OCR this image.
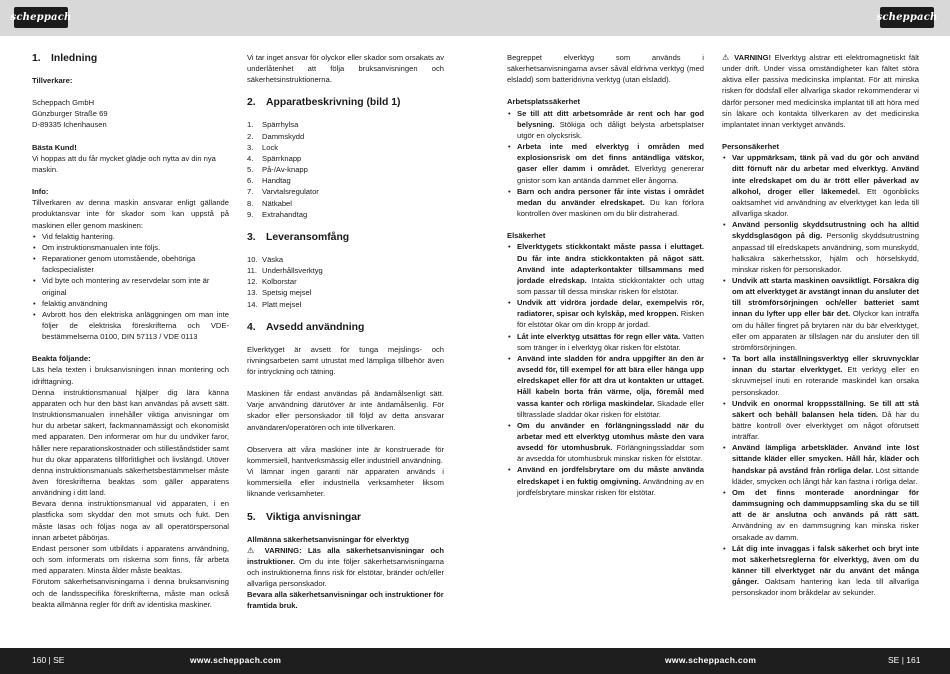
scheppach	scheppach
1. Inledning
Tillverkare:
Scheppach GmbH
Günzburger Straße 69
D-89335 Ichenhausen
Bästa Kund!
Vi hoppas att du får mycket glädje och nytta av din nya maskin.
Info:
Tillverkaren av denna maskin ansvarar enligt gällande produktansvar inte för skador som kan uppstå på maskinen eller genom maskinen:
• Vid felaktig hantering.
• Om instruktionsmanualen inte följs.
• Reparationer genom utomstående, obehöriga fackspecialister
• Vid byte och montering av reservdelar som inte är original
• felaktig användning
• Avbrott hos den elektriska anläggningen om man inte följer de elektriska föreskrifterna och VDE-bestämmelserna 0100, DIN 57113 / VDE 0113
Beakta följande:
Läs hela texten i bruksanvisningen innan montering och idrifttagning.
Denna instruktionsmanual hjälper dig lära känna apparaten och hur den bäst kan användas på avsett sätt. Instruktionsmanualen innehåller viktiga anvisningar om hur du arbetar säkert, fackmannamässigt och ekonomiskt med apparaten. Den informerar om hur du undviker faror, håller nere reparationskostnader och stilleståndstider samt hur du ökar apparatens tillförlitlighet och livslängd. Utöver denna instruktionsmanuals säkerhetsbestämmelser måste även föreskrifterna beaktas som gäller apparatens användning i ditt land.
Bevara denna instruktionsmanual vid apparaten, i en plastficka som skyddar den mot smuts och fukt. Den måste läsas och följas noga av all operatörspersonal innan arbetet påbörjas.
Endast personer som utbildats i apparatens användning, och som informerats om riskerna som finns, får arbeta med apparaten. Minsta ålder måste beaktas.
Förutom säkerhetsanvisningarna i denna bruksanvisning och de landsspecifika föreskrifterna, måste man också beakta allmänna regler för drift av identiska maskiner.
Vi tar inget ansvar för olyckor eller skador som orsakats av underlåtenhet att följa bruksanvisningen och säkerhetsinstruktionerna.
2. Apparatbeskrivning (bild 1)
1. Spärrhylsa
2. Dammskydd
3. Lock
4. Spärrknapp
5. På-/Av-knapp
6. Handtag
7. Varvtalsregulator
8. Nätkabel
9. Extrahandtag
3. Leveransomfång
10. Väska
11. Underhållsverktyg
12. Kolborstar
13. Spetsig mejsel
14. Platt mejsel
4. Avsedd användning
Elverktyget är avsett för tunga mejslings- och rivningsarbeten samt utrustat med lämpliga tillbehör även för intryckning och tätning.
Maskinen får endast användas på ändamålsenligt sätt. Varje användning därutöver är inte ändamålsenlig. För skador eller personskador till följd av detta ansvarar användaren/operatören och inte tillverkaren.
Observera att våra maskiner inte är konstruerade för kommersiell, hantverksmässig eller industriell användning.
Vi lämnar ingen garanti när apparaten används i kommersiella eller industriella verksamheter liksom liknande verksamheter.
5. Viktiga anvisningar
Allmänna säkerhetsanvisningar för elverktyg
⚠ VARNING: Läs alla säkerhetsanvisningar och instruktioner. Om du inte följer säkerhetsanvisningarna och instruktionerna finns risk för elstötar, bränder och/eller allvarliga personskador.
Bevara alla säkerhetsanvisningar och instruktioner för framtida bruk.
Begreppet elverktyg som används i säkerhetsanvisningarna avser såväl eldrivna verktyg (med elsladd) som batteridrivna verktyg (utan elsladd).
Arbetsplatssäkerhet
• Se till att ditt arbetsområde är rent och har god belysning. Stökiga och dåligt belysta arbetsplatser utgör en olycksrisk.
• Arbeta inte med elverktyg i områden med explosionsrisk om det finns antändliga vätskor, gaser eller damm i området. Elverktyg genererar gnistor som kan antända dammet eller ångorna.
• Barn och andra personer får inte vistas i området medan du använder elredskapet. Du kan förlora kontrollen över maskinen om du blir distraherad.
Elsäkerhet
• Elverktygets stickkontakt måste passa i eluttaget. Du får inte ändra stickkontakten på något sätt. Använd inte adapterkontakter tillsammans med jordade elredskap. Intakta stickkontakter och uttag som passar till dessa minskar risken för elstötar.
• Undvik att vidröra jordade delar, exempelvis rör, radiatorer, spisar och kylskåp, med kroppen. Risken för elstötar ökar om din kropp är jordad.
• Låt inte elverktyg utsättas för regn eller väta. Vatten som tränger in i elverktyg ökar risken för elstötar.
• Använd inte sladden för andra uppgifter än den är avsedd för, till exempel för att bära eller hänga upp elredskapet eller för att dra ut kontakten ur uttaget. Håll kabeln borta från värme, olja, föremål med vassa kanter och rörliga maskindelar. Skadade eller tilltrasslade sladdar ökar risken för elstötar.
• Om du använder en förlängningssladd när du arbetar med ett elverktyg utomhus måste den vara avsedd för utomhusbruk. Förlängningssladdar som är avsedda för utomhusbruk minskar risken för elstötar.
• Använd en jordfelsbrytare om du måste använda elredskapet i en fuktig omgivning. Användning av en jordfelsbrytare minskar risken för elstötar.
⚠ VARNING! Elverktyg alstrar ett elektromagnetiskt fält under drift. Under vissa omständigheter kan fältet störa aktiva eller passiva medicinska implantat. För att minska risken för dödsfall eller allvarliga skador rekommenderar vi därför personer med medicinska implantat till att höra med sin läkare och kontakta tillverkaren av det medicinska implantatet innan verktyget används.
Personsäkerhet
• Var uppmärksam, tänk på vad du gör och använd ditt förnuft när du arbetar med elverktyg. Använd inte elredskapet om du är trött eller påverkad av alkohol, droger eller läkemedel. Ett ögonblicks oaktsamhet vid användning av elverktyget kan leda till allvarliga skador.
• Använd personlig skyddsutrustning och ha alltid skyddsglasögon på dig. Personlig skyddsutrustning anpassad till elredskapets användning, som munskydd, halksäkra säkerhetsskor, hjälm och hörselskydd, minskar risken för personskador.
• Undvik att starta maskinen oavsiktligt. Försäkra dig om att elverktyget är avstängt innan du ansluter det till strömförsörjningen och/eller batteriet samt innan du lyfter upp eller bär det. Olyckor kan inträffa om du håller fingret på brytaren när du bär elverktyget, eller om apparaten är tillslagen när du ansluter den till strömförsörjningen.
• Ta bort alla inställningsverktyg eller skruvnycklar innan du startar elverktyget. Ett verktyg eller en skruvmejsel inuti en roterande maskindel kan orsaka personskador.
• Undvik en onormal kroppsställning. Se till att stå säkert och behåll balansen hela tiden. Då har du bättre kontroll över elverktyget om något oförutsett inträffar.
• Använd lämpliga arbetskläder. Använd inte löst sittande kläder eller smycken. Håll hår, kläder och handskar på avstånd från rörliga delar. Löst sittande kläder, smycken och långt hår kan fastna i rörliga delar.
• Om det finns monterade anordningar för dammsugning och dammuppsamling ska du se till att de är anslutna och används på rätt sätt. Användning av en dammsugning kan minska risker orsakade av damm.
• Låt dig inte invaggas i falsk säkerhet och bryt inte mot säkerhetsreglerna för elverktyg, även om du känner till elverktyget när du använt det många gånger. Oaktsam hantering kan leda till allvarliga personskador inom bråkdelar av sekunder.
160 | SE	www.scheppach.com	www.scheppach.com	SE | 161
